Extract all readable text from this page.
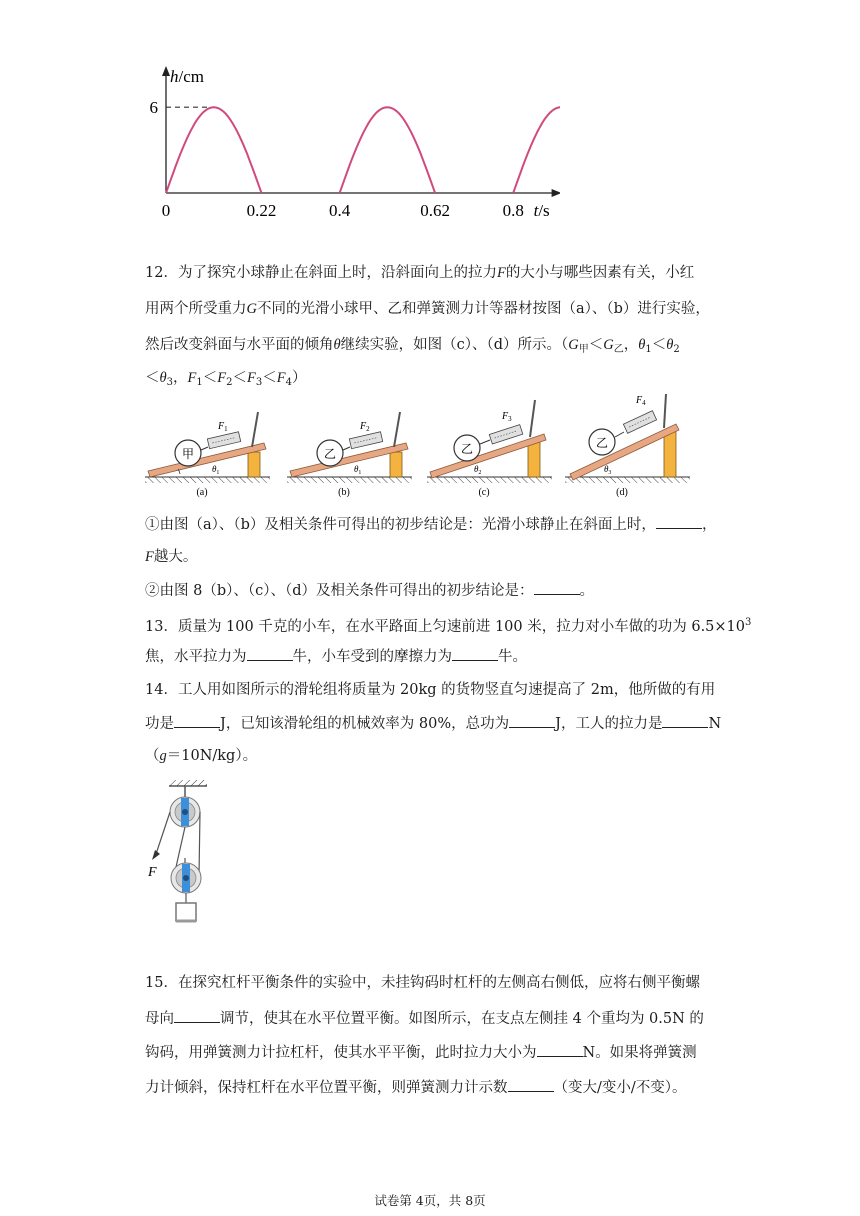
h/cm
t/s
0	0.22	0.4	0.62	0.8
6
12．为了探究小球静止在斜面上时，沿斜面向上的拉力F的大小与哪些因素有关，小红
用两个所受重力G不同的光滑小球甲、乙和弹簧测力计等器材按图（a）、（b）进行实验，
然后改变斜面与水平面的倾角θ继续实验，如图（c）、（d）所示。（$G_甲<G_乙$，$\theta_1<\theta_2$
$<\theta_3$，$F_1<F_2<F_3<F_4$）
甲
$F_1$
$\theta_1$
(a)
乙
$F_2$
$\theta_1$
(b)
乙
$F_3$
$\theta_2$
(c)
乙
$F_4$
$\theta_3$
(d)
①由图（a）、（b）及相关条件可得出的初步结论是：光滑小球静止在斜面上时，	，
F越大。
②由图 8（b）、（c）、（d）及相关条件可得出的初步结论是：	。
13．质量为 100 千克的小车，在水平路面上匀速前进 100 米，拉力对小车做的功为 $6.5\times 10^3$
焦，水平拉力为	牛，小车受到的摩擦力为	牛。
14．工人用如图所示的滑轮组将质量为 20kg 的货物竖直匀速提高了 2m，他所做的有用
功是	J，已知该滑轮组的机械效率为 80%，总功为	J，工人的拉力是	N
（g＝10N/kg）。
F
15．在探究杠杆平衡条件的实验中，未挂钩码时杠杆的左侧高右侧低，应将右侧平衡螺
母向	调节，使其在水平位置平衡。如图所示，在支点左侧挂 4 个重均为 0.5N 的
钩码，用弹簧测力计拉杠杆，使其水平平衡，此时拉力大小为	N。如果将弹簧测
力计倾斜，保持杠杆在水平位置平衡，则弹簧测力计示数	（变大/变小/不变）。
试卷第 4页，共 8页
